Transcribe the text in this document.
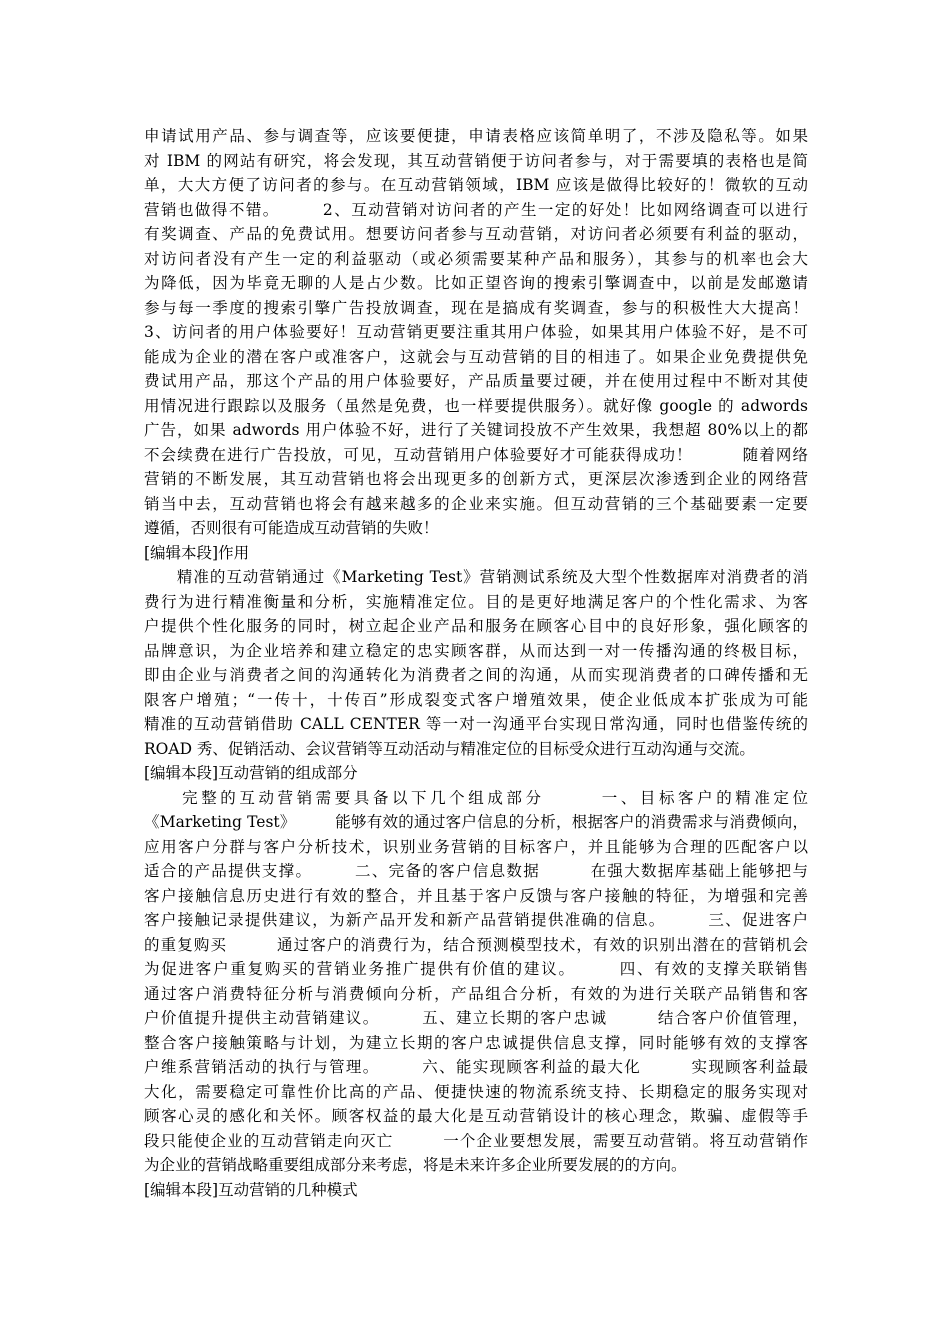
申请试用产品、参与调查等，应该要便捷，申请表格应该简单明了，不涉及隐私等。如果
对 IBM 的网站有研究，将会发现，其互动营销便于访问者参与，对于需要填的表格也是简
单，大大方便了访问者的参与。在互动营销领域，IBM 应该是做得比较好的！微软的互动
营销也做得不错。　　　2、互动营销对访问者的产生一定的好处！比如网络调查可以进行
有奖调查、产品的免费试用。想要访问者参与互动营销，对访问者必须要有利益的驱动，
对访问者没有产生一定的利益驱动（或必须需要某种产品和服务），其参与的机率也会大
为降低，因为毕竟无聊的人是占少数。比如正望咨询的搜索引擎调查中，以前是发邮邀请
参与每一季度的搜索引擎广告投放调查，现在是搞成有奖调查，参与的积极性大大提高！
3、访问者的用户体验要好！互动营销更要注重其用户体验，如果其用户体验不好，是不可
能成为企业的潜在客户或准客户，这就会与互动营销的目的相违了。如果企业免费提供免
费试用产品，那这个产品的用户体验要好，产品质量要过硬，并在使用过程中不断对其使
用情况进行跟踪以及服务（虽然是免费，也一样要提供服务）。就好像 google 的 adwords
广告，如果 adwords 用户体验不好，进行了关键词投放不产生效果，我想超 80%以上的都
不会续费在进行广告投放，可见，互动营销用户体验要好才可能获得成功！　　　随着网络
营销的不断发展，其互动营销也将会出现更多的创新方式，更深层次渗透到企业的网络营
销当中去，互动营销也将会有越来越多的企业来实施。但互动营销的三个基础要素一定要
遵循，否则很有可能造成互动营销的失败！
[编辑本段]作用
　　精准的互动营销通过《Marketing Test》营销测试系统及大型个性数据库对消费者的消
费行为进行精准衡量和分析，实施精准定位。目的是更好地满足客户的个性化需求、为客
户提供个性化服务的同时，树立起企业产品和服务在顾客心目中的良好形象，强化顾客的
品牌意识，为企业培养和建立稳定的忠实顾客群，从而达到一对一传播沟通的终极目标，
即由企业与消费者之间的沟通转化为消费者之间的沟通，从而实现消费者的口碑传播和无
限客户增殖；“一传十，十传百”形成裂变式客户增殖效果，使企业低成本扩张成为可能
精准的互动营销借助 CALL CENTER 等一对一沟通平台实现日常沟通，同时也借鉴传统的
ROAD 秀、促销活动、会议营销等互动活动与精准定位的目标受众进行互动沟通与交流。
[编辑本段]互动营销的组成部分
　　完整的互动营销需要具备以下几个组成部分　　　一、目标客户的精准定位
《Marketing Test》　　　能够有效的通过客户信息的分析，根据客户的消费需求与消费倾向，
应用客户分群与客户分析技术，识别业务营销的目标客户，并且能够为合理的匹配客户以
适合的产品提供支撑。　　　二、完备的客户信息数据　　　在强大数据库基础上能够把与
客户接触信息历史进行有效的整合，并且基于客户反馈与客户接触的特征，为增强和完善
客户接触记录提供建议，为新产品开发和新产品营销提供准确的信息。　　　三、促进客户
的重复购买　　　通过客户的消费行为，结合预测模型技术，有效的识别出潜在的营销机会
为促进客户重复购买的营销业务推广提供有价值的建议。　　　四、有效的支撑关联销售
通过客户消费特征分析与消费倾向分析，产品组合分析，有效的为进行关联产品销售和客
户价值提升提供主动营销建议。　　　五、建立长期的客户忠诚　　　结合客户价值管理，
整合客户接触策略与计划，为建立长期的客户忠诚提供信息支撑，同时能够有效的支撑客
户维系营销活动的执行与管理。　　　六、能实现顾客利益的最大化　　　实现顾客利益最
大化，需要稳定可靠性价比高的产品、便捷快速的物流系统支持、长期稳定的服务实现对
顾客心灵的感化和关怀。顾客权益的最大化是互动营销设计的核心理念，欺骗、虚假等手
段只能使企业的互动营销走向灭亡　　　一个企业要想发展，需要互动营销。将互动营销作
为企业的营销战略重要组成部分来考虑，将是未来许多企业所要发展的的方向。
[编辑本段]互动营销的几种模式
